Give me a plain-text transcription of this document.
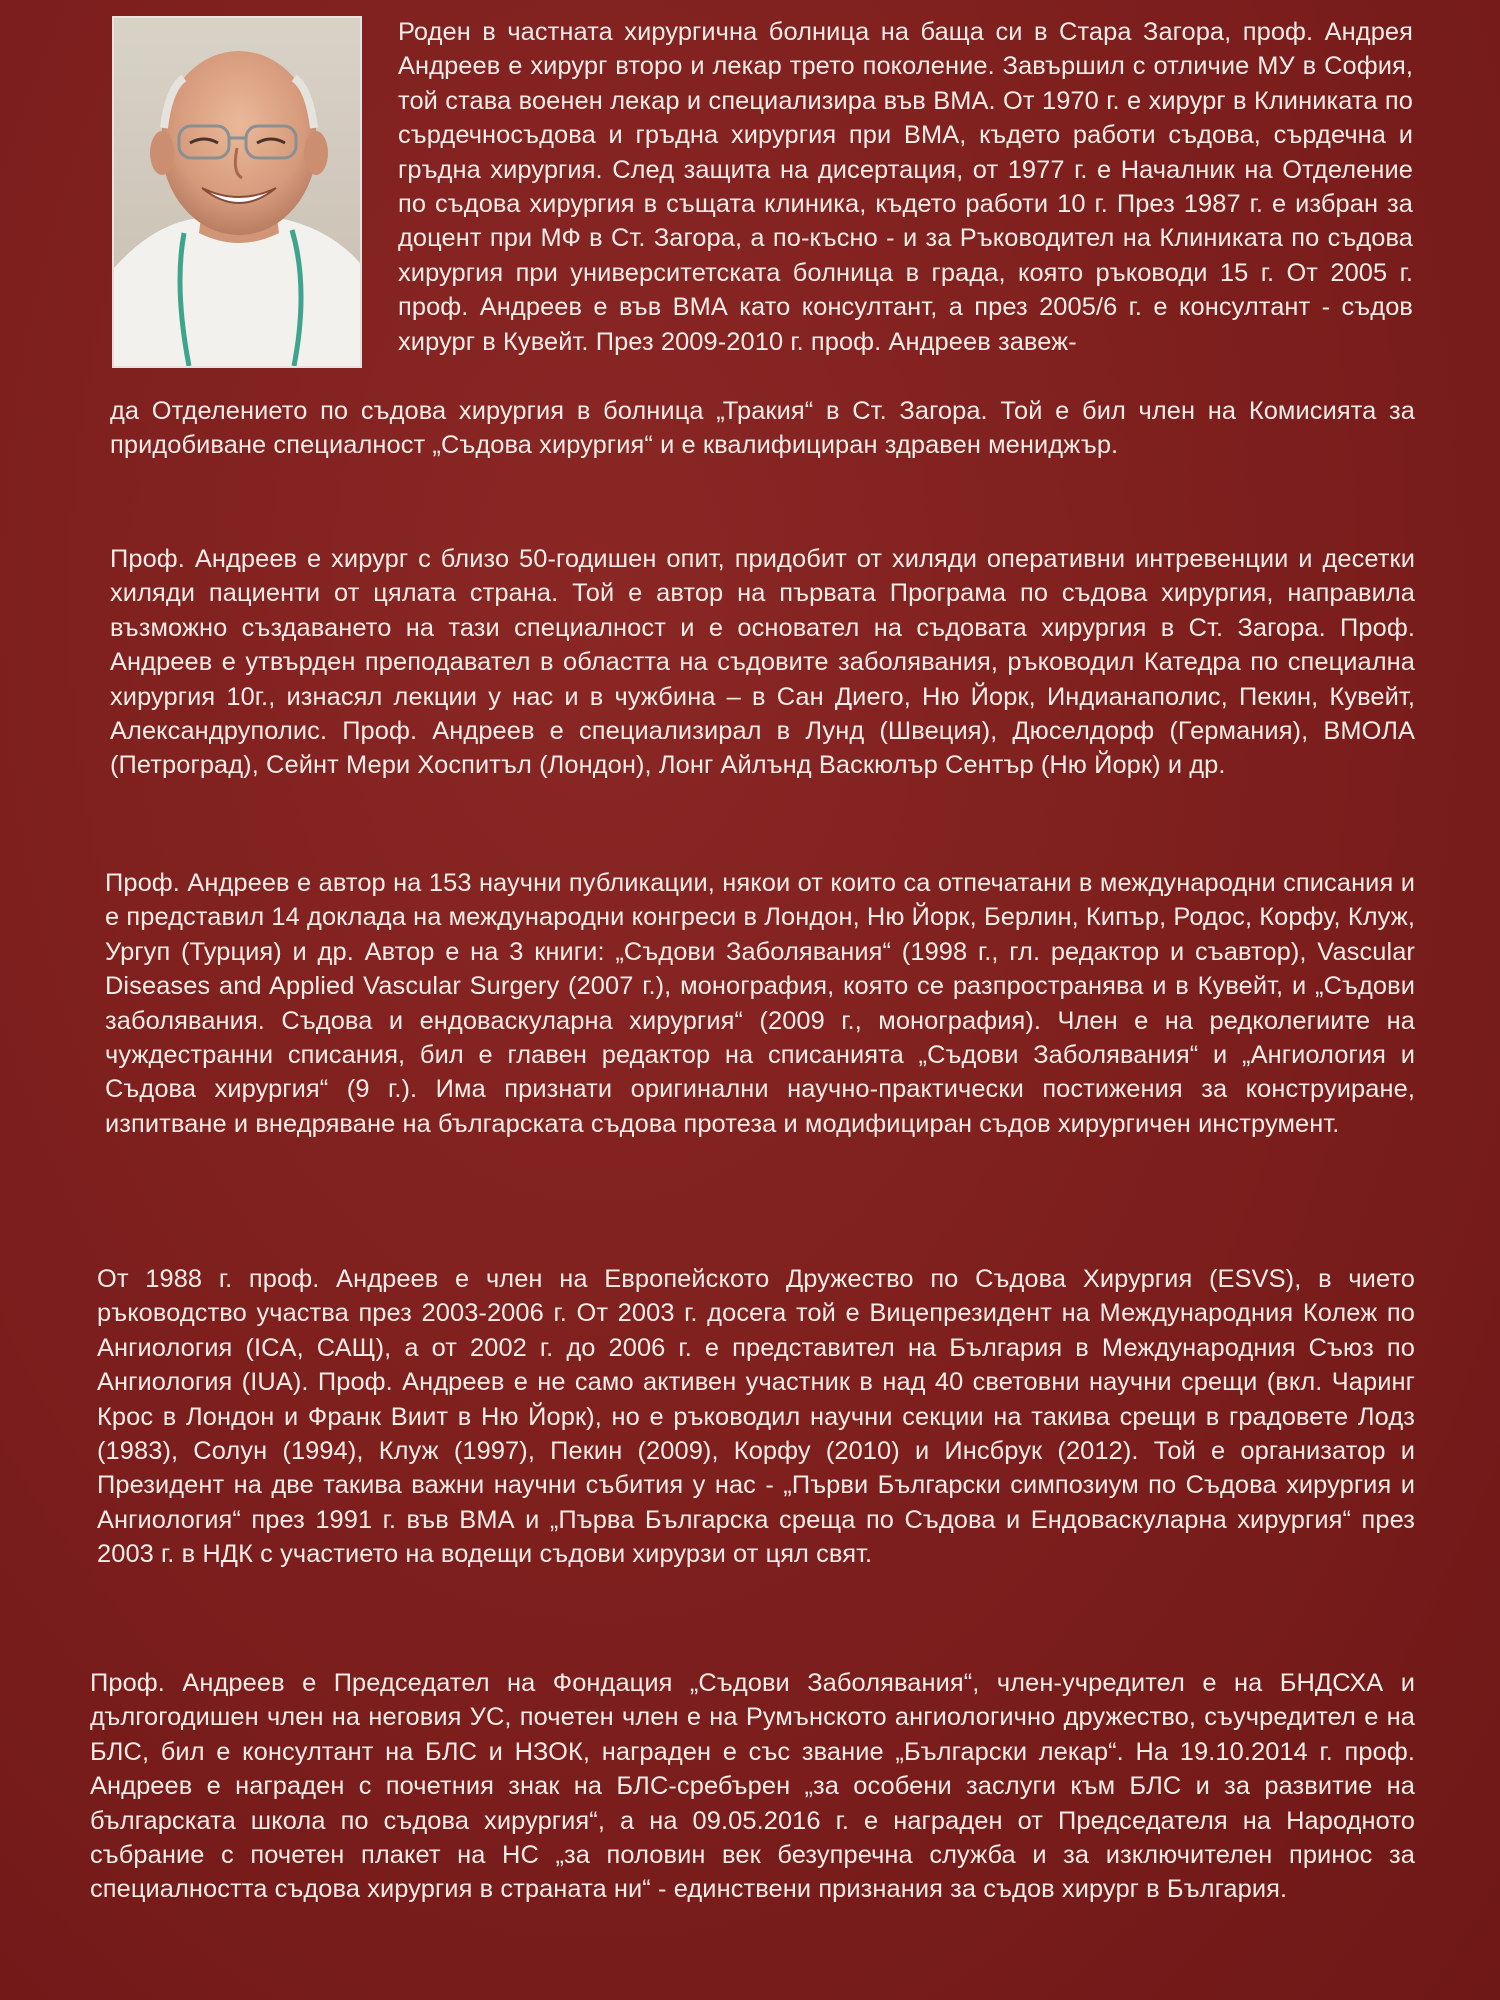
Роден в частната хирургична болница на баща си в Стара Загора, проф. Андрея Андреев е хирург второ и лекар трето поколение. Завършил с отличие МУ в София, той става военен лекар и специализира във ВМА. От 1970 г. е хирург в Клиниката по сърдечносъдова и гръдна хирургия при ВМА, където работи съдова, сърдечна и гръдна хирургия. След защита на дисертация, от 1977 г. е Началник на Отделение по съдова хирургия в същата клиника, където работи 10 г. През 1987 г. е избран за доцент при МФ в Ст. Загора, а по-късно - и за Ръководител на Клиниката по съдова хирургия при университетската болница в града, която ръководи 15 г. От 2005 г. проф. Андреев е във ВМА като консултант, а през 2005/6 г. е консултант - съдов хирург в Кувейт. През 2009-2010 г. проф. Андреев завеж-

да Отделението по съдова хирургия в болница „Тракия“ в Ст. Загора. Той е бил член на Комисията за придобиване специалност „Съдова хирургия“ и е квалифициран здравен мениджър.

Проф. Андреев е хирург с близо 50-годишен опит, придобит от хиляди оперативни интревенции и десетки хиляди пациенти от цялата страна. Той е автор на първата Програма по съдова хирургия, направила възможно създаването на тази специалност и е основател на съдовата хирургия в Ст. Загора. Проф. Андреев е утвърден преподавател в областта на съдовите заболявания, ръководил Катедра по специална хирургия 10г., изнасял лекции у нас и в чужбина – в Сан Диего, Ню Йорк, Индианаполис, Пекин, Кувейт, Александруполис. Проф. Андреев е специализирал в Лунд (Швеция), Дюселдорф (Германия), ВМОЛА (Петроград), Сейнт Мери Хоспитъл (Лондон), Лонг Айлънд Васкюлър Сентър (Ню Йорк) и др.

Проф. Андреев е автор на 153 научни публикации, някои от които са отпечатани в международни списания и е представил 14 доклада на международни конгреси в Лондон, Ню Йорк, Берлин, Кипър, Родос, Корфу, Клуж, Ургуп (Турция) и др. Автор е на 3 книги: „Съдови Заболявания“ (1998 г., гл. редактор и съавтор), Vascular Diseases and Applied Vascular Surgery (2007 г.), монография, която се разпространява и в Кувейт, и „Съдови заболявания. Съдова и ендоваскуларна хирургия“ (2009 г., монография). Член е на редколегиите на чуждестранни списания, бил е главен редактор на списанията „Съдови Заболявания“ и „Ангиология и Съдова хирургия“ (9 г.). Има признати оригинални научно-практически постижения за конструиране, изпитване и внедряване на българската съдова протеза и модифициран съдов хирургичен инструмент.

От 1988 г. проф. Андреев е член на Европейското Дружество по Съдова Хирургия (ESVS), в чието ръководство участва през 2003-2006 г. От 2003 г. досега той е Вицепрезидент на Международния Колеж по Ангиология (ICA, САЩ), а от 2002 г. до 2006 г. е представител на България в Международния Съюз по Ангиология (IUA). Проф. Андреев е не само активен участник в над 40 световни научни срещи (вкл. Чаринг Крос в Лондон и Франк Виит в Ню Йорк), но е ръководил научни секции на такива срещи в градовете Лодз (1983), Солун (1994), Клуж (1997), Пекин (2009), Корфу (2010) и Инсбрук (2012). Той е организатор и Президент на две такива важни научни събития у нас - „Първи Български симпозиум по Съдова хирургия и Ангиология“ през 1991 г. във ВМА и „Първа Българска среща по Съдова и Ендоваскуларна хирургия“ през 2003 г. в НДК с участието на водещи съдови хирурзи от цял свят.

Проф. Андреев е Председател на Фондация „Съдови Заболявания“, член-учредител е на БНДСХА и дългогодишен член на неговия УС, почетен член е на Румънското ангиологично дружество, съучредител е на БЛС, бил е консултант на БЛС и НЗОК, награден е със звание „Български лекар“. На 19.10.2014 г. проф. Андреев е награден с почетния знак на БЛС-сребърен „за особени заслуги към БЛС и за развитие на българската школа по съдова хирургия“, а на 09.05.2016 г. е награден от Председателя на Народното събрание с почетен плакет на НС „за половин век безупречна служба и за изключителен принос за специалността съдова хирургия в страната ни“ - единствени признания за съдов хирург в България.
